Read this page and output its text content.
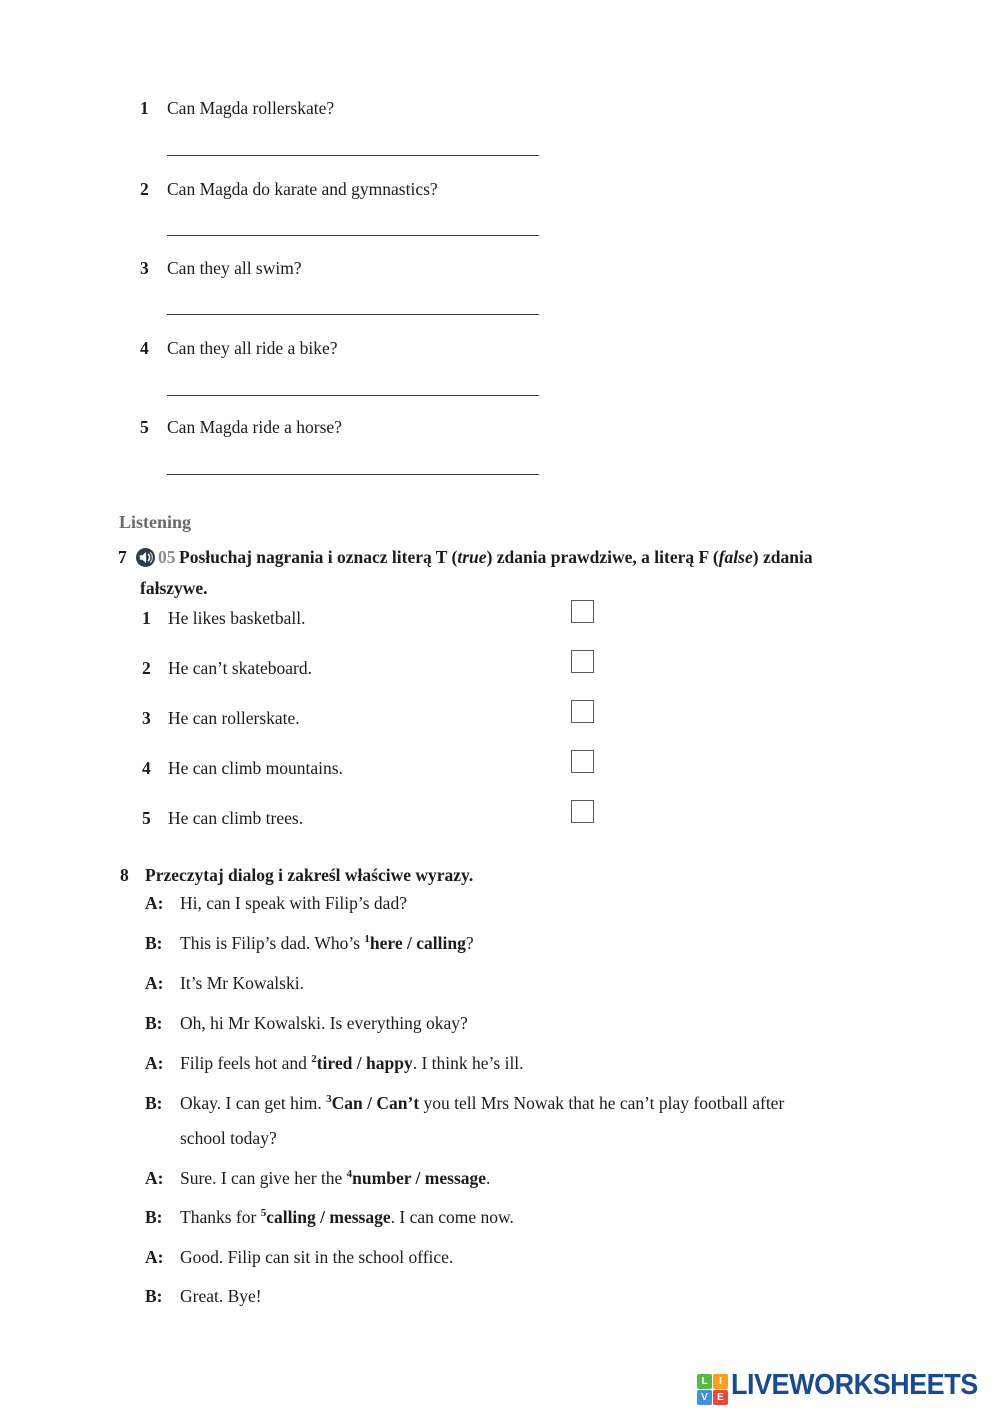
1 Can Magda rollerskate?
2 Can Magda do karate and gymnastics?
3 Can they all swim?
4 Can they all ride a bike?
5 Can Magda ride a horse?
Listening
7 05 Posłuchaj nagrania i oznacz literą T (true) zdania prawdziwe, a literą F (false) zdania
fałszywe.
1 He likes basketball.
2 He can’t skateboard.
3 He can rollerskate.
4 He can climb mountains.
5 He can climb trees.
8 Przeczytaj dialog i zakreśl właściwe wyrazy.
A: Hi, can I speak with Filip’s dad?
B: This is Filip’s dad. Who’s $^1$here / calling?
A: It’s Mr Kowalski.
B: Oh, hi Mr Kowalski. Is everything okay?
A: Filip feels hot and $^2$tired / happy. I think he’s ill.
B: Okay. I can get him. $^3$Can / Can’t you tell Mrs Nowak that he can’t play football after
school today?
A: Sure. I can give her the $^4$number / message.
B: Thanks for $^5$calling / message. I can come now.
A: Good. Filip can sit in the school office.
B: Great. Bye!
L	I
V E LIVEWORKSHEETS
